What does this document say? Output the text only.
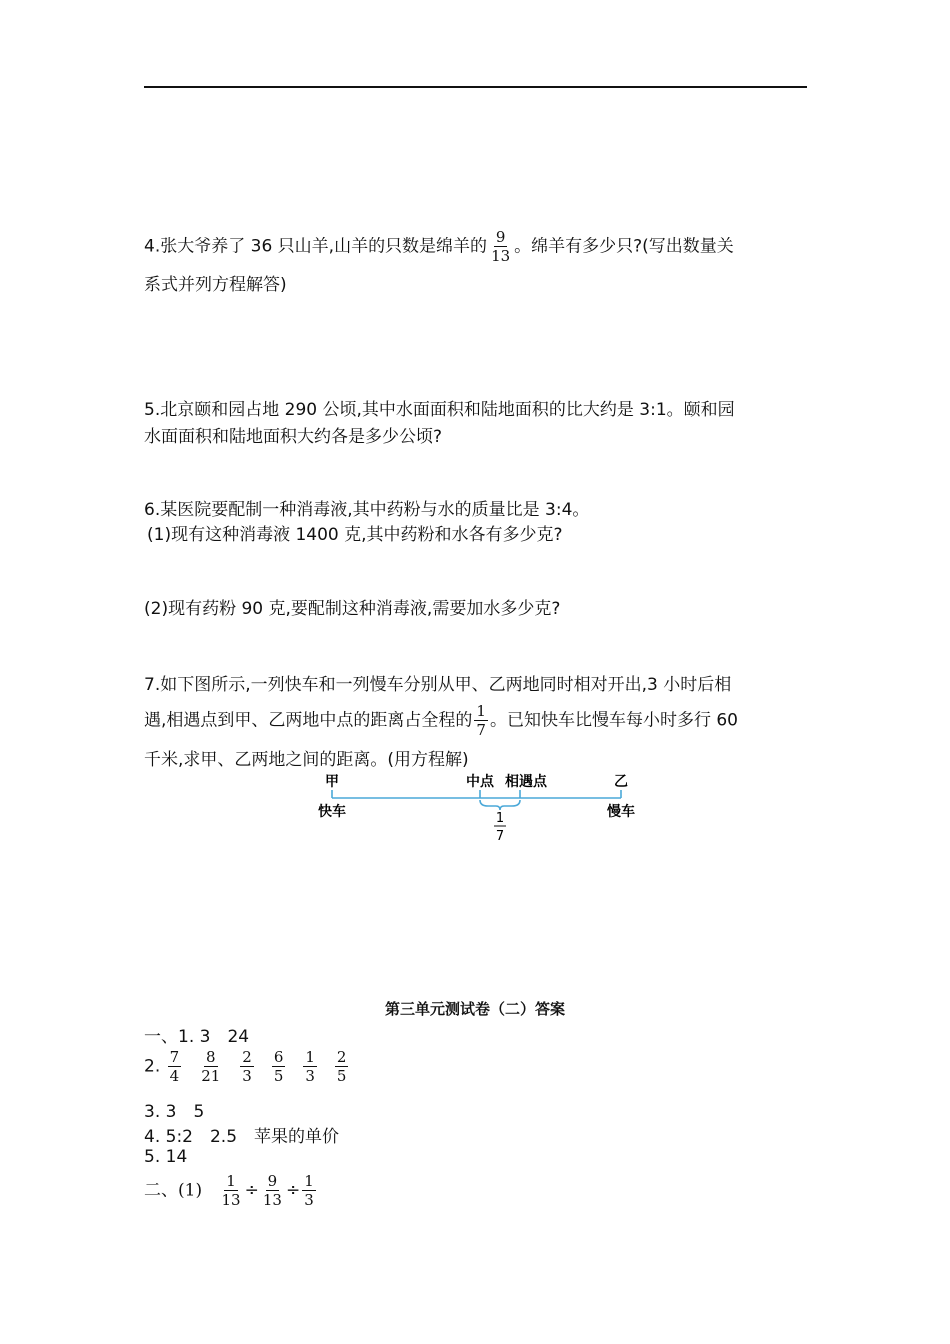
4.张大爷养了 36 只山羊,山羊的只数是绵羊的 $\frac{9}{13}$ 。绵羊有多少只?(写出数量关
系式并列方程解答)
5.北京颐和园占地 290 公顷,其中水面面积和陆地面积的比大约是 3:1。颐和园
水面面积和陆地面积大约各是多少公顷?
6.某医院要配制一种消毒液,其中药粉与水的质量比是 3:4。
(1)现有这种消毒液 1400 克,其中药粉和水各有多少克?
(2)现有药粉 90 克,要配制这种消毒液,需要加水多少克?
7.如下图所示,一列快车和一列慢车分别从甲、乙两地同时相对开出,3 小时后相
遇,相遇点到甲、乙两地中点的距离占全程的 $\frac{1}{7}$ 。已知快车比慢车每小时多行 60
千米,求甲、乙两地之间的距离。(用方程解)
甲	乙
中点 相遇点
快车	慢车
1
7
第三单元测试卷（二）答案
一、1. 3　24
2. $\frac{7}{4} \frac{8}{21} \frac{2}{3} \frac{6}{5} \frac{1}{3} \frac{2}{5}$
3. 3　5
4. 5:2　2.5　苹果的单价
5. 14
二、$(1) \frac{1}{13} \div \frac{9}{13} \div \frac{1}{3}$
